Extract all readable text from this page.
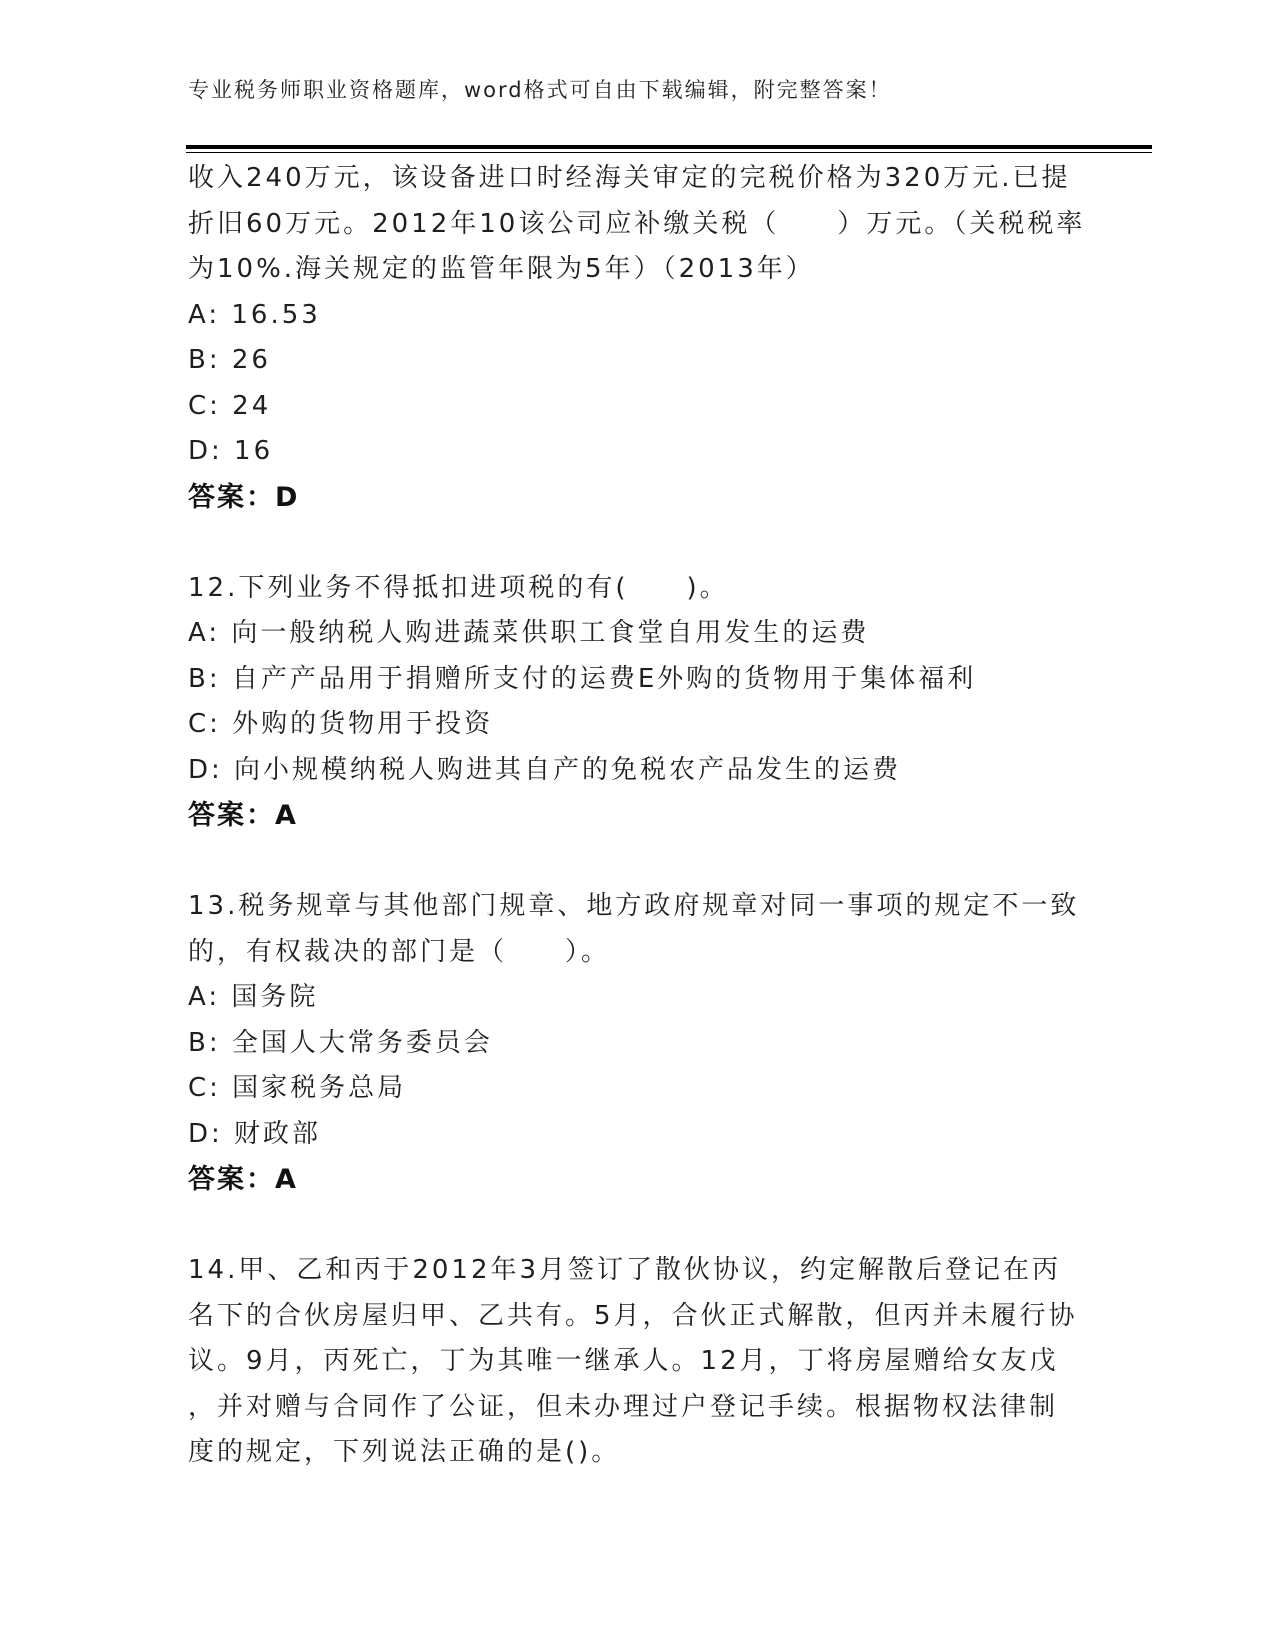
专业税务师职业资格题库，word格式可自由下载编辑，附完整答案！
收入240万元，该设备进口时经海关审定的完税价格为320万元.已提
折旧60万元。2012年10该公司应补缴关税（　　）万元。（关税税率
为10%.海关规定的监管年限为5年）（2013年）
A: 16.53
B: 26
C: 24
D: 16
答案：D
12.下列业务不得抵扣进项税的有(　　)。
A: 向一般纳税人购进蔬菜供职工食堂自用发生的运费
B: 自产产品用于捐赠所支付的运费E外购的货物用于集体福利
C: 外购的货物用于投资
D: 向小规模纳税人购进其自产的免税农产品发生的运费
答案：A
13.税务规章与其他部门规章、地方政府规章对同一事项的规定不一致
的，有权裁决的部门是（　　）。
A: 国务院
B: 全国人大常务委员会
C: 国家税务总局
D: 财政部
答案：A
14.甲、乙和丙于2012年3月签订了散伙协议，约定解散后登记在丙
名下的合伙房屋归甲、乙共有。5月，合伙正式解散，但丙并未履行协
议。9月，丙死亡，丁为其唯一继承人。12月，丁将房屋赠给女友戊
，并对赠与合同作了公证，但未办理过户登记手续。根据物权法律制
度的规定，下列说法正确的是()。
